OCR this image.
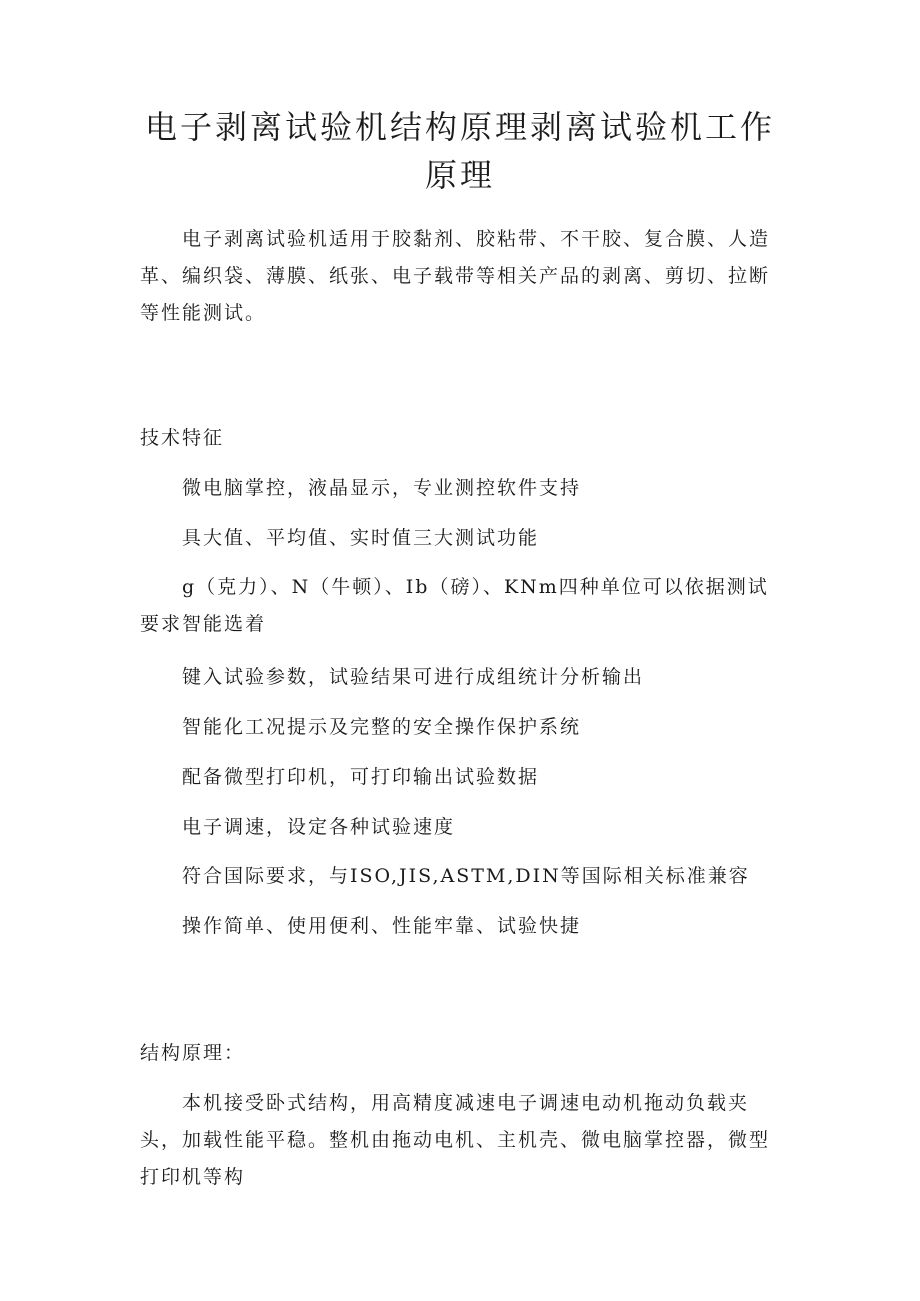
电子剥离试验机结构原理剥离试验机工作原理

电子剥离试验机适用于胶黏剂、胶粘带、不干胶、复合膜、人造革、编织袋、薄膜、纸张、电子载带等相关产品的剥离、剪切、拉断等性能测试。

技术特征

微电脑掌控，液晶显示，专业测控软件支持

具大值、平均值、实时值三大测试功能

g（克力）、N（牛顿）、Ib（磅）、KNm四种单位可以依据测试要求智能选着

键入试验参数，试验结果可进行成组统计分析输出

智能化工况提示及完整的安全操作保护系统

配备微型打印机，可打印输出试验数据

电子调速，设定各种试验速度

符合国际要求，与ISO,JIS,ASTM,DIN等国际相关标准兼容

操作简单、使用便利、性能牢靠、试验快捷

结构原理：

本机接受卧式结构，用高精度减速电子调速电动机拖动负载夹头，加载性能平稳。整机由拖动电机、主机壳、微电脑掌控器，微型打印机等构
